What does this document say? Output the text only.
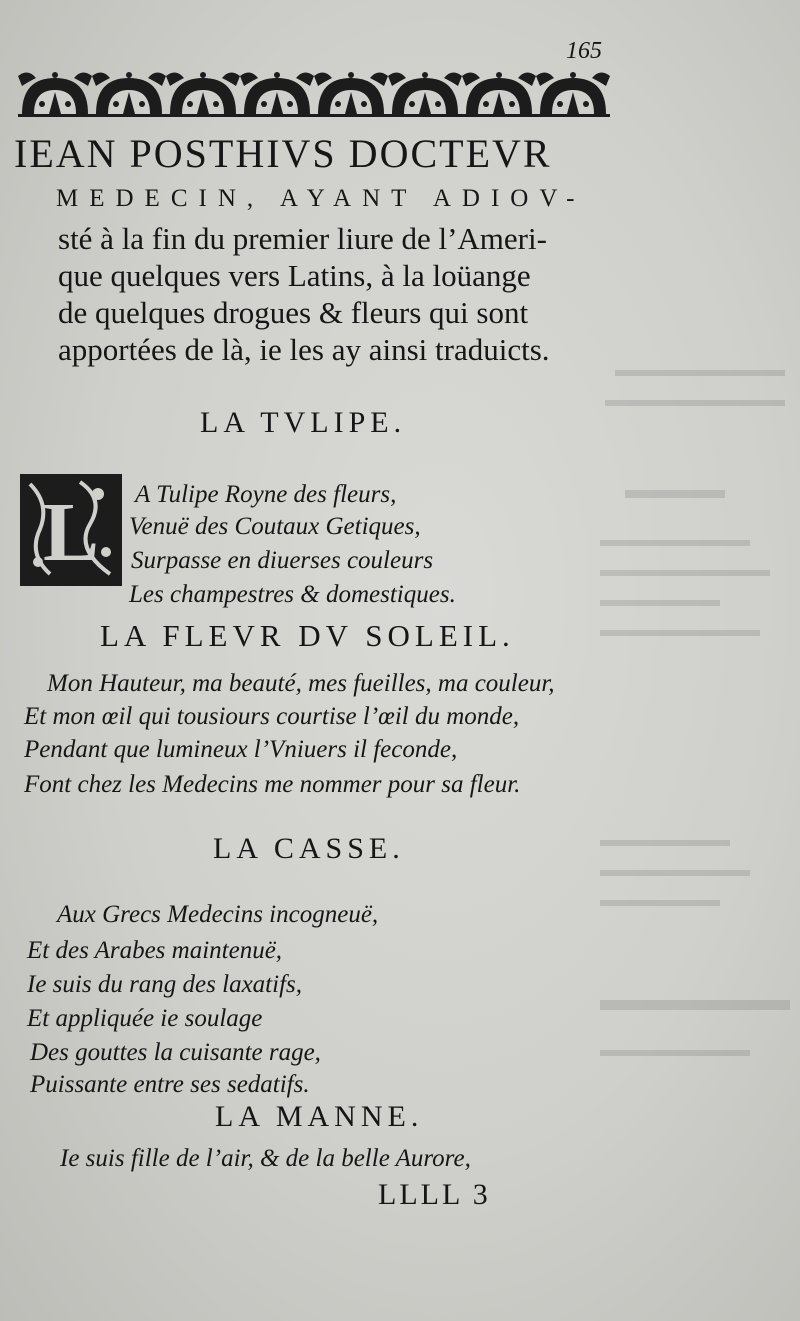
165
IEAN POSTHIVS DOCTEVR
MEDECIN, AYANT ADIOV-
sté à la fin du premier liure de l’Ameri-
que quelques vers Latins, à la loüange
de quelques drogues & fleurs qui sont
apportées de là, ie les ay ainsi traduicts.
LA TVLIPE.
L A Tulipe Royne des fleurs,
Venuë des Coutaux Getiques,
Surpasse en diuerses couleurs
Les champestres & domestiques.
LA FLEVR DV SOLEIL.
Mon Hauteur, ma beauté, mes fueilles, ma couleur,
Et mon œil qui tousiours courtise l’œil du monde,
Pendant que lumineux l’Vniuers il feconde,
Font chez les Medecins me nommer pour sa fleur.
LA CASSE.
Aux Grecs Medecins incogneuë,
Et des Arabes maintenuë,
Ie suis du rang des laxatifs,
Et appliquée ie soulage
Des gouttes la cuisante rage,
Puissante entre ses sedatifs.
LA MANNE.
Ie suis fille de l’air, & de la belle Aurore,
LLLL 3
